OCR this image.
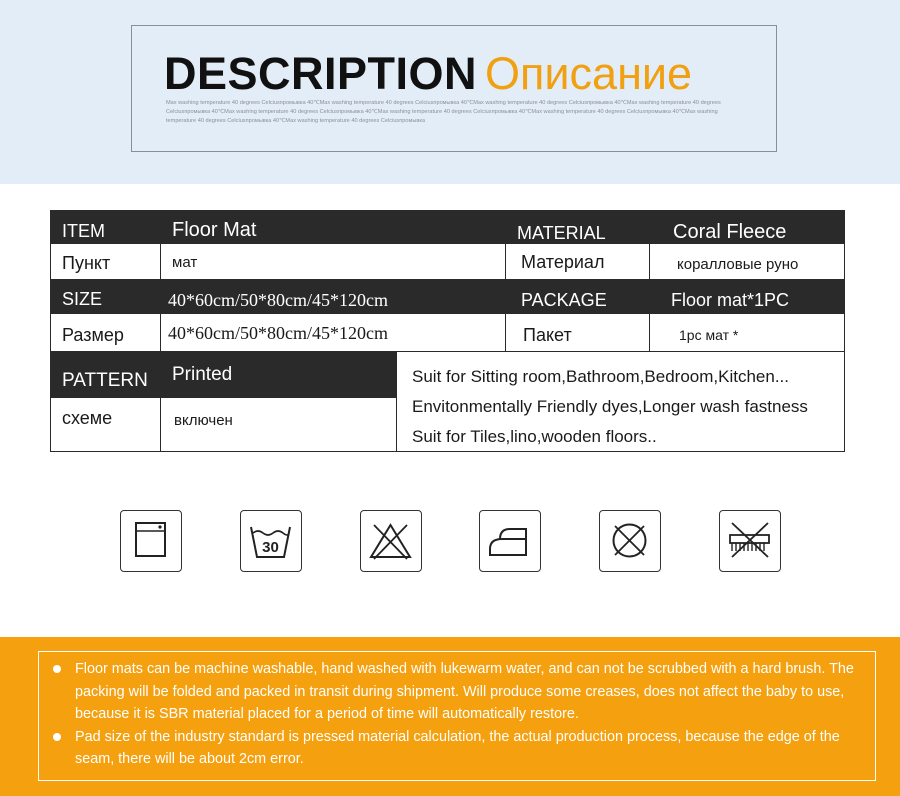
DESCRIPTION Описание
Max washing temperature 40 degrees Celciusпромывка 40℃Max washing temperature 40 degrees Celciusпромывка 40℃Max washing temperature 40 degrees Celciusпромывка 40℃Max washing temperature 40 degrees Celciusпромывка 40℃Max washing temperature 40 degrees Celciusпромывка 40℃Max washing temperature 40 degrees Celciusпромывка 40℃Max washing temperature 40 degrees Celciusпромывка 40℃Max washing temperature 40 degrees Celciusпромывка 40℃Max washing temperature 40 degrees Celciusпромывка
ITEM	Floor Mat	MATERIAL	Coral Fleece
Пункт	мат	Материал	коралловые руно
SIZE	40*60cm/50*80cm/45*120cm	PACKAGE	Floor mat*1PC
Размер	40*60cm/50*80cm/45*120cm	Пакет	1pc мат *
PATTERN	Printed
схеме	включен
Suit for Sitting room,Bathroom,Bedroom,Kitchen...
Envitonmentally Friendly dyes,Longer wash fastness
Suit for Tiles,lino,wooden floors..
30
Floor mats can be machine washable, hand washed with lukewarm water, and can not be scrubbed with a hard brush. The packing will be folded and packed in transit during shipment. Will produce some creases, does not affect the baby to use, because it is SBR material placed for a period of time will automatically restore.
Pad size of the industry standard is pressed material calculation, the actual production process, because the edge of the seam, there will be about 2cm error.
